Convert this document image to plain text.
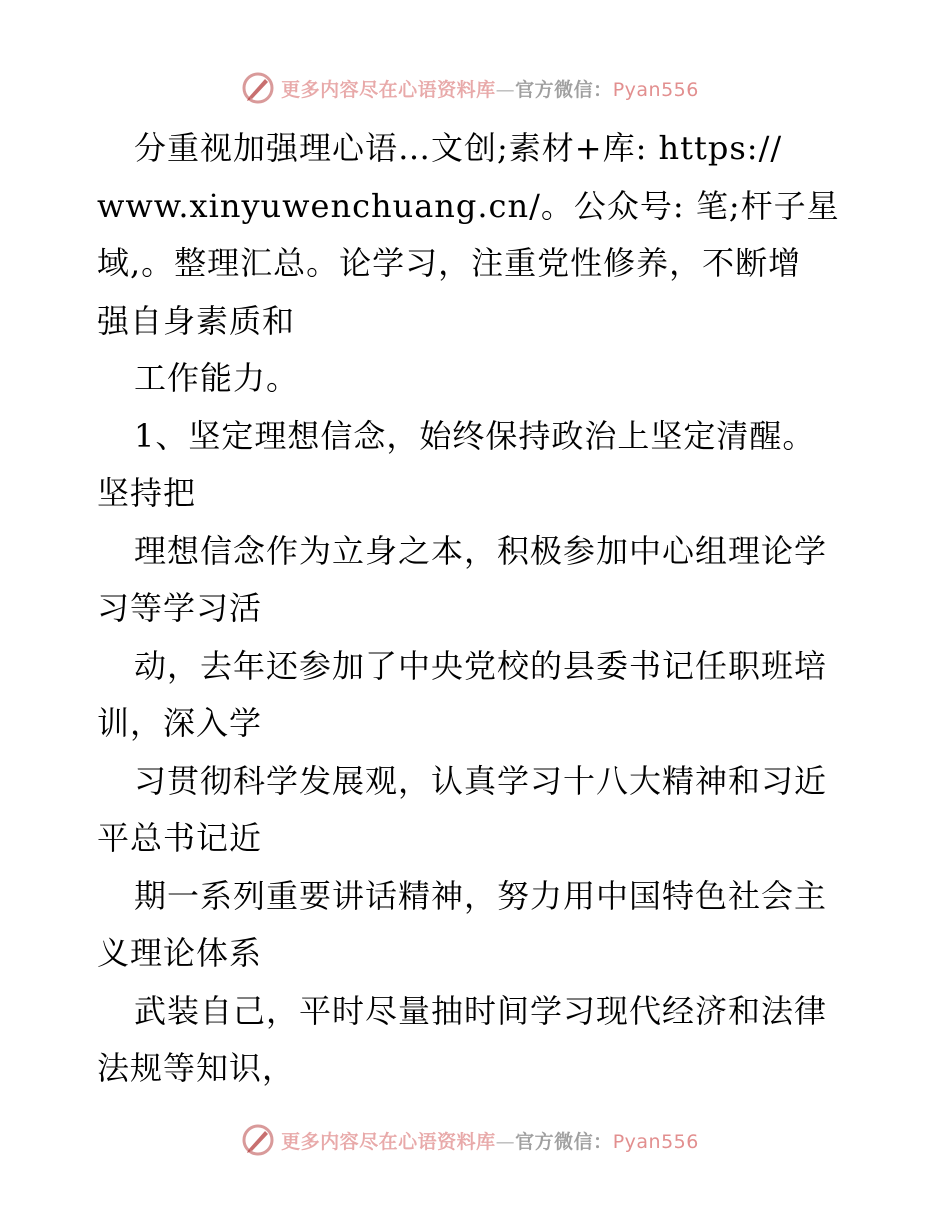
更多内容尽在心语资料库—官方微信：Pyan556
分重视加强理心语…文创;素材+库: https://
www.xinyuwenchuang.cn/。公众号: 笔;杆子星
域,。整理汇总。论学习，注重党性修养，不断增
强自身素质和
工作能力。
1、坚定理想信念，始终保持政治上坚定清醒。
坚持把
理想信念作为立身之本，积极参加中心组理论学
习等学习活
动，去年还参加了中央党校的县委书记任职班培
训，深入学
习贯彻科学发展观，认真学习十八大精神和习近
平总书记近
期一系列重要讲话精神，努力用中国特色社会主
义理论体系
武装自己，平时尽量抽时间学习现代经济和法律
法规等知识，
更多内容尽在心语资料库—官方微信：Pyan556
